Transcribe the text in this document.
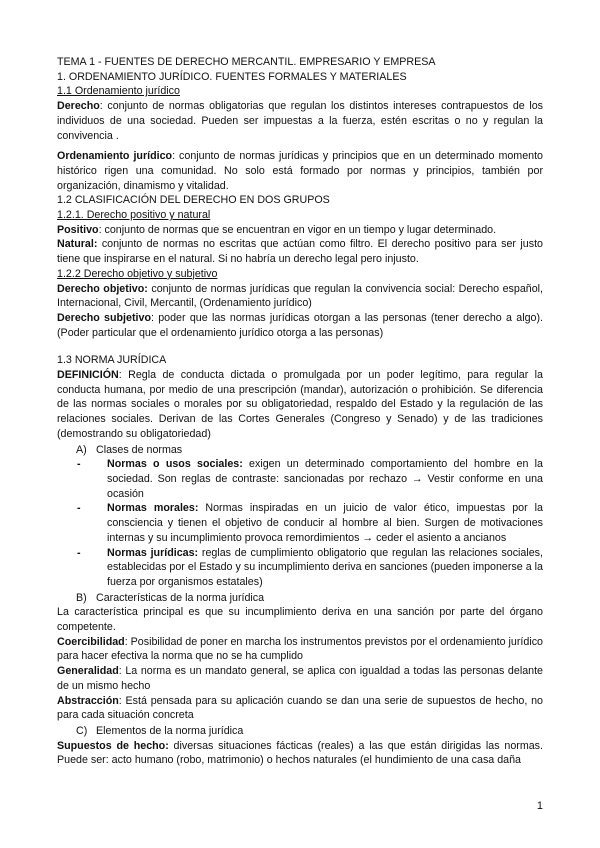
TEMA 1 - FUENTES DE DERECHO MERCANTIL. EMPRESARIO Y EMPRESA

1. ORDENAMIENTO JURÍDICO. FUENTES FORMALES Y MATERIALES

1.1 Ordenamiento jurídico

Derecho: conjunto de normas obligatorias que regulan los distintos intereses contrapuestos de los individuos de una sociedad. Pueden ser impuestas a la fuerza, estén escritas o no y regulan la convivencia .

Ordenamiento jurídico: conjunto de normas jurídicas y principios que en un determinado momento histórico rigen una comunidad. No solo está formado por normas y principios, también por organización, dinamismo y vitalidad.

1.2 CLASIFICACIÓN DEL DERECHO EN DOS GRUPOS

1.2.1. Derecho positivo y natural

Positivo: conjunto de normas que se encuentran en vigor en un tiempo y lugar determinado.

Natural: conjunto de normas no escritas que actúan como filtro. El derecho positivo para ser justo tiene que inspirarse en el natural. Si no habría un derecho legal pero injusto.

1.2.2 Derecho objetivo y subjetivo

Derecho objetivo: conjunto de normas jurídicas que regulan la convivencia social: Derecho español, Internacional, Civil, Mercantil, (Ordenamiento jurídico)

Derecho subjetivo: poder que las normas jurídicas otorgan a las personas (tener derecho a algo). (Poder particular que el ordenamiento jurídico otorga a las personas)

1.3 NORMA JURÍDICA

DEFINICIÓN: Regla de conducta dictada o promulgada por un poder legítimo, para regular la conducta humana, por medio de una prescripción (mandar), autorización o prohibición. Se diferencia de las normas sociales o morales por su obligatoriedad, respaldo del Estado y la regulación de las relaciones sociales. Derivan de las Cortes Generales (Congreso y Senado) y de las tradiciones (demostrando su obligatoriedad)

A) Clases de normas

- Normas o usos sociales: exigen un determinado comportamiento del hombre en la sociedad. Son reglas de contraste: sancionadas por rechazo → Vestir conforme en una ocasión
- Normas morales: Normas inspiradas en un juicio de valor ético, impuestas por la consciencia y tienen el objetivo de conducir al hombre al bien. Surgen de motivaciones internas y su incumplimiento provoca remordimientos → ceder el asiento a ancianos
- Normas jurídicas: reglas de cumplimiento obligatorio que regulan las relaciones sociales, establecidas por el Estado y su incumplimiento deriva en sanciones (pueden imponerse a la fuerza por organismos estatales)

B) Características de la norma jurídica

La característica principal es que su incumplimiento deriva en una sanción por parte del órgano competente.

Coercibilidad: Posibilidad de poner en marcha los instrumentos previstos por el ordenamiento jurídico para hacer efectiva la norma que no se ha cumplido

Generalidad: La norma es un mandato general, se aplica con igualdad a todas las personas delante de un mismo hecho

Abstracción: Está pensada para su aplicación cuando se dan una serie de supuestos de hecho, no para cada situación concreta

C) Elementos de la norma jurídica

Supuestos de hecho: diversas situaciones fácticas (reales) a las que están dirigidas las normas. Puede ser: acto humano (robo, matrimonio) o hechos naturales (el hundimiento de una casa daña

1
